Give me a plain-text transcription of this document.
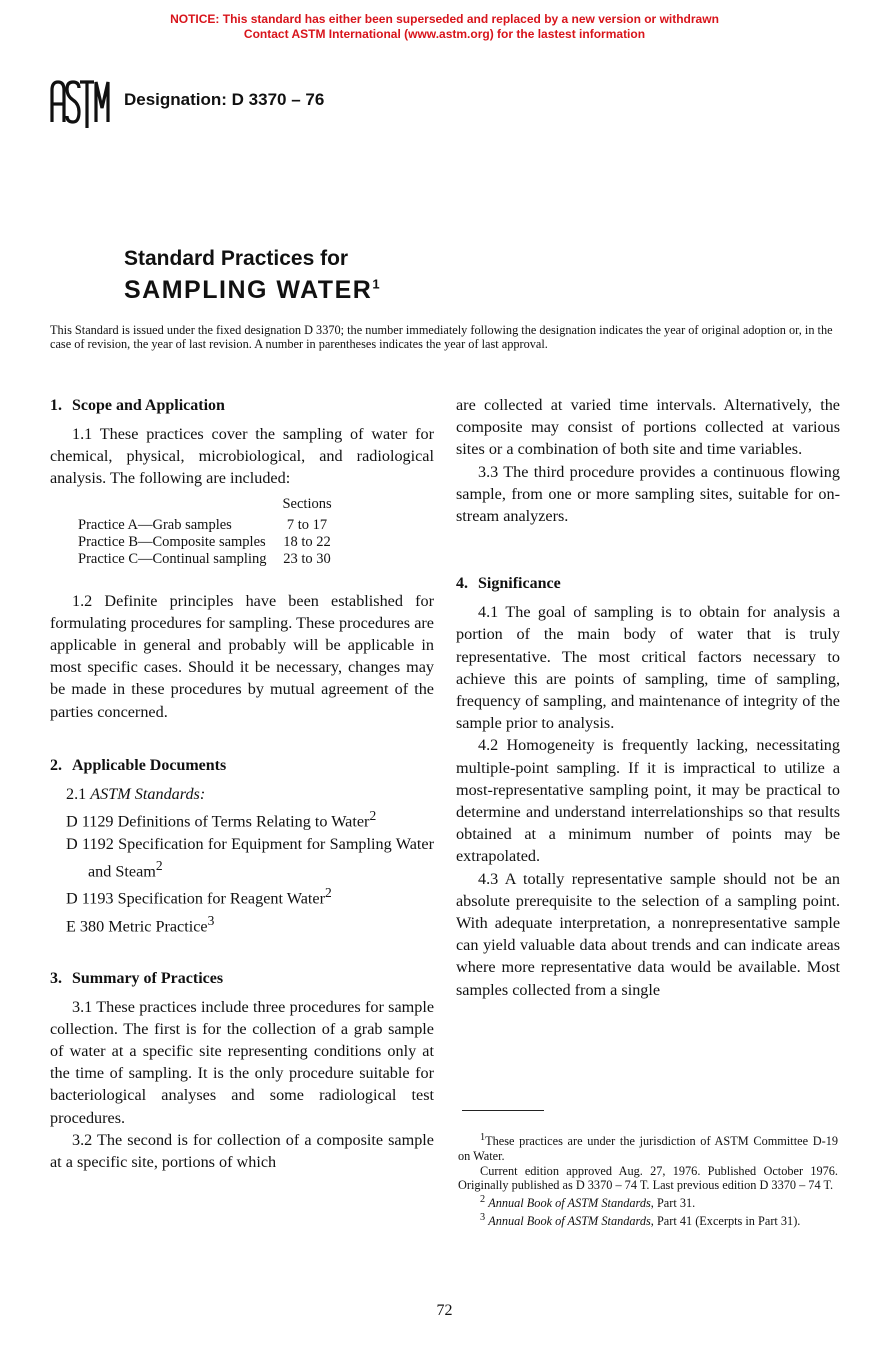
NOTICE: This standard has either been superseded and replaced by a new version or withdrawn
Contact ASTM International (www.astm.org) for the lastest information
Designation: D 3370 – 76
Standard Practices for
SAMPLING WATER$^1$
This Standard is issued under the fixed designation D 3370; the number immediately following the designation indicates the year of original adoption or, in the case of revision, the year of last revision. A number in parentheses indicates the year of last approval.
1. Scope and Application

1.1 These practices cover the sampling of water for chemical, physical, microbiological, and radiological analysis. The following are included:

	Sections
Practice A—Grab samples	7 to 17
Practice B—Composite samples	18 to 22
Practice C—Continual sampling	23 to 30

1.2 Definite principles have been established for formulating procedures for sampling. These procedures are applicable in general and probably will be applicable in most specific cases. Should it be necessary, changes may be made in these procedures by mutual agreement of the parties concerned.

2. Applicable Documents

2.1 ASTM Standards:

D 1129 Definitions of Terms Relating to Water$^2$

D 1192 Specification for Equipment for Sampling Water and Steam$^2$

D 1193 Specification for Reagent Water$^2$

E 380 Metric Practice$^3$

3. Summary of Practices

3.1 These practices include three procedures for sample collection. The first is for the collection of a grab sample of water at a specific site representing conditions only at the time of sampling. It is the only procedure suitable for bacteriological analyses and some radiological test procedures.

3.2 The second is for collection of a composite sample at a specific site, portions of which

are collected at varied time intervals. Alternatively, the composite may consist of portions collected at various sites or a combination of both site and time variables.

3.3 The third procedure provides a continuous flowing sample, from one or more sampling sites, suitable for on-stream analyzers.

4. Significance

4.1 The goal of sampling is to obtain for analysis a portion of the main body of water that is truly representative. The most critical factors necessary to achieve this are points of sampling, time of sampling, frequency of sampling, and maintenance of integrity of the sample prior to analysis.

4.2 Homogeneity is frequently lacking, necessitating multiple-point sampling. If it is impractical to utilize a most-representative sampling point, it may be practical to determine and understand interrelationships so that results obtained at a minimum number of points may be extrapolated.

4.3 A totally representative sample should not be an absolute prerequisite to the selection of a sampling point. With adequate interpretation, a nonrepresentative sample can yield valuable data about trends and can indicate areas where more representative data would be available. Most samples collected from a single

$^1$These practices are under the jurisdiction of ASTM Committee D-19 on Water.

Current edition approved Aug. 27, 1976. Published October 1976. Originally published as D 3370 – 74 T. Last previous edition D 3370 – 74 T.

$^2$ Annual Book of ASTM Standards, Part 31.

$^3$ Annual Book of ASTM Standards, Part 41 (Excerpts in Part 31).

72
